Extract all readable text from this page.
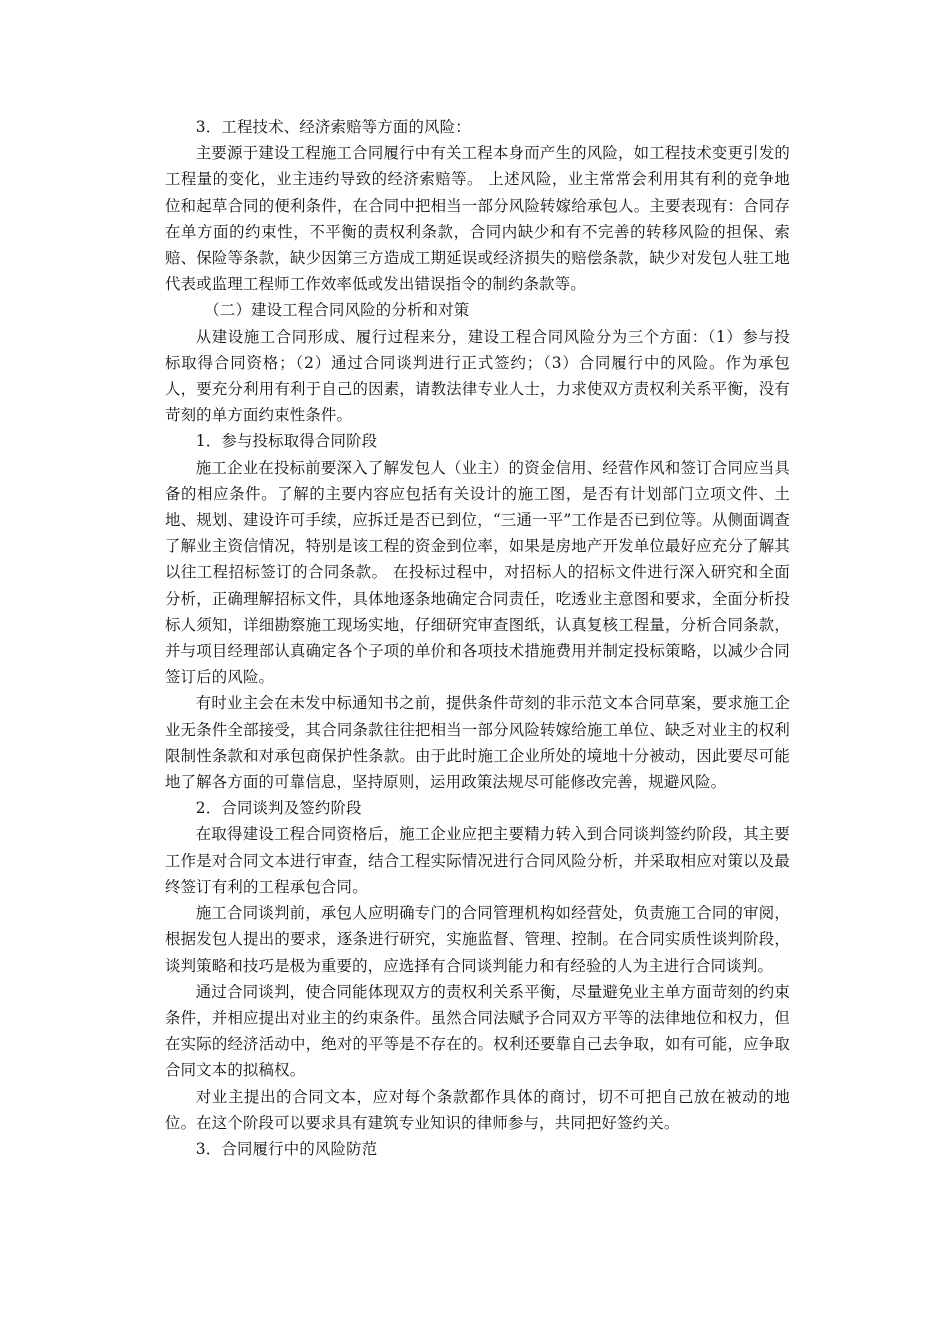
3．工程技术、经济索赔等方面的风险：

主要源于建设工程施工合同履行中有关工程本身而产生的风险，如工程技术变更引发的工程量的变化，业主违约导致的经济索赔等。 上述风险，业主常常会利用其有利的竞争地位和起草合同的便利条件，在合同中把相当一部分风险转嫁给承包人。主要表现有：合同存在单方面的约束性，不平衡的责权利条款，合同内缺少和有不完善的转移风险的担保、索赔、保险等条款，缺少因第三方造成工期延误或经济损失的赔偿条款，缺少对发包人驻工地代表或监理工程师工作效率低或发出错误指令的制约条款等。

（二）建设工程合同风险的分析和对策

从建设施工合同形成、履行过程来分，建设工程合同风险分为三个方面：（1）参与投标取得合同资格；（2）通过合同谈判进行正式签约；（3）合同履行中的风险。作为承包人，要充分利用有利于自己的因素，请教法律专业人士，力求使双方责权利关系平衡，没有苛刻的单方面约束性条件。

1．参与投标取得合同阶段

施工企业在投标前要深入了解发包人（业主）的资金信用、经营作风和签订合同应当具备的相应条件。了解的主要内容应包括有关设计的施工图，是否有计划部门立项文件、土地、规划、建设许可手续，应拆迁是否已到位，“三通一平”工作是否已到位等。从侧面调查了解业主资信情况，特别是该工程的资金到位率，如果是房地产开发单位最好应充分了解其以往工程招标签订的合同条款。 在投标过程中，对招标人的招标文件进行深入研究和全面分析，正确理解招标文件，具体地逐条地确定合同责任，吃透业主意图和要求，全面分析投标人须知，详细勘察施工现场实地，仔细研究审查图纸，认真复核工程量，分析合同条款，并与项目经理部认真确定各个子项的单价和各项技术措施费用并制定投标策略，以减少合同签订后的风险。

有时业主会在未发中标通知书之前，提供条件苛刻的非示范文本合同草案，要求施工企业无条件全部接受，其合同条款往往把相当一部分风险转嫁给施工单位、缺乏对业主的权利限制性条款和对承包商保护性条款。由于此时施工企业所处的境地十分被动，因此要尽可能地了解各方面的可靠信息，坚持原则，运用政策法规尽可能修改完善，规避风险。

2．合同谈判及签约阶段

在取得建设工程合同资格后，施工企业应把主要精力转入到合同谈判签约阶段，其主要工作是对合同文本进行审查，结合工程实际情况进行合同风险分析，并采取相应对策以及最终签订有利的工程承包合同。

施工合同谈判前，承包人应明确专门的合同管理机构如经营处，负责施工合同的审阅，根据发包人提出的要求，逐条进行研究，实施监督、管理、控制。在合同实质性谈判阶段，谈判策略和技巧是极为重要的，应选择有合同谈判能力和有经验的人为主进行合同谈判。

通过合同谈判，使合同能体现双方的责权利关系平衡，尽量避免业主单方面苛刻的约束条件，并相应提出对业主的约束条件。虽然合同法赋予合同双方平等的法律地位和权力，但在实际的经济活动中，绝对的平等是不存在的。权利还要靠自己去争取，如有可能，应争取合同文本的拟稿权。

对业主提出的合同文本，应对每个条款都作具体的商讨，切不可把自己放在被动的地位。在这个阶段可以要求具有建筑专业知识的律师参与，共同把好签约关。

3．合同履行中的风险防范
